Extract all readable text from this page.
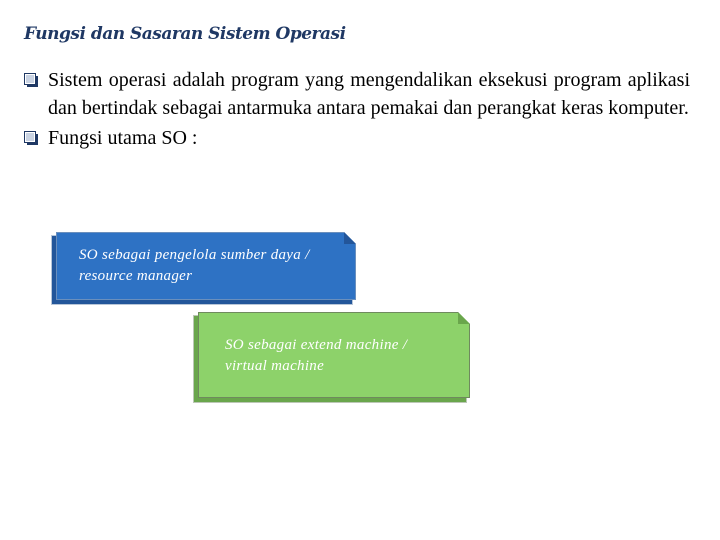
Fungsi dan Sasaran Sistem Operasi
Sistem operasi adalah program yang mengendalikan eksekusi program aplikasi dan bertindak sebagai antarmuka antara pemakai dan perangkat keras komputer.
Fungsi utama SO :
SO sebagai pengelola sumber daya /
resource manager
SO sebagai extend machine /
virtual machine
